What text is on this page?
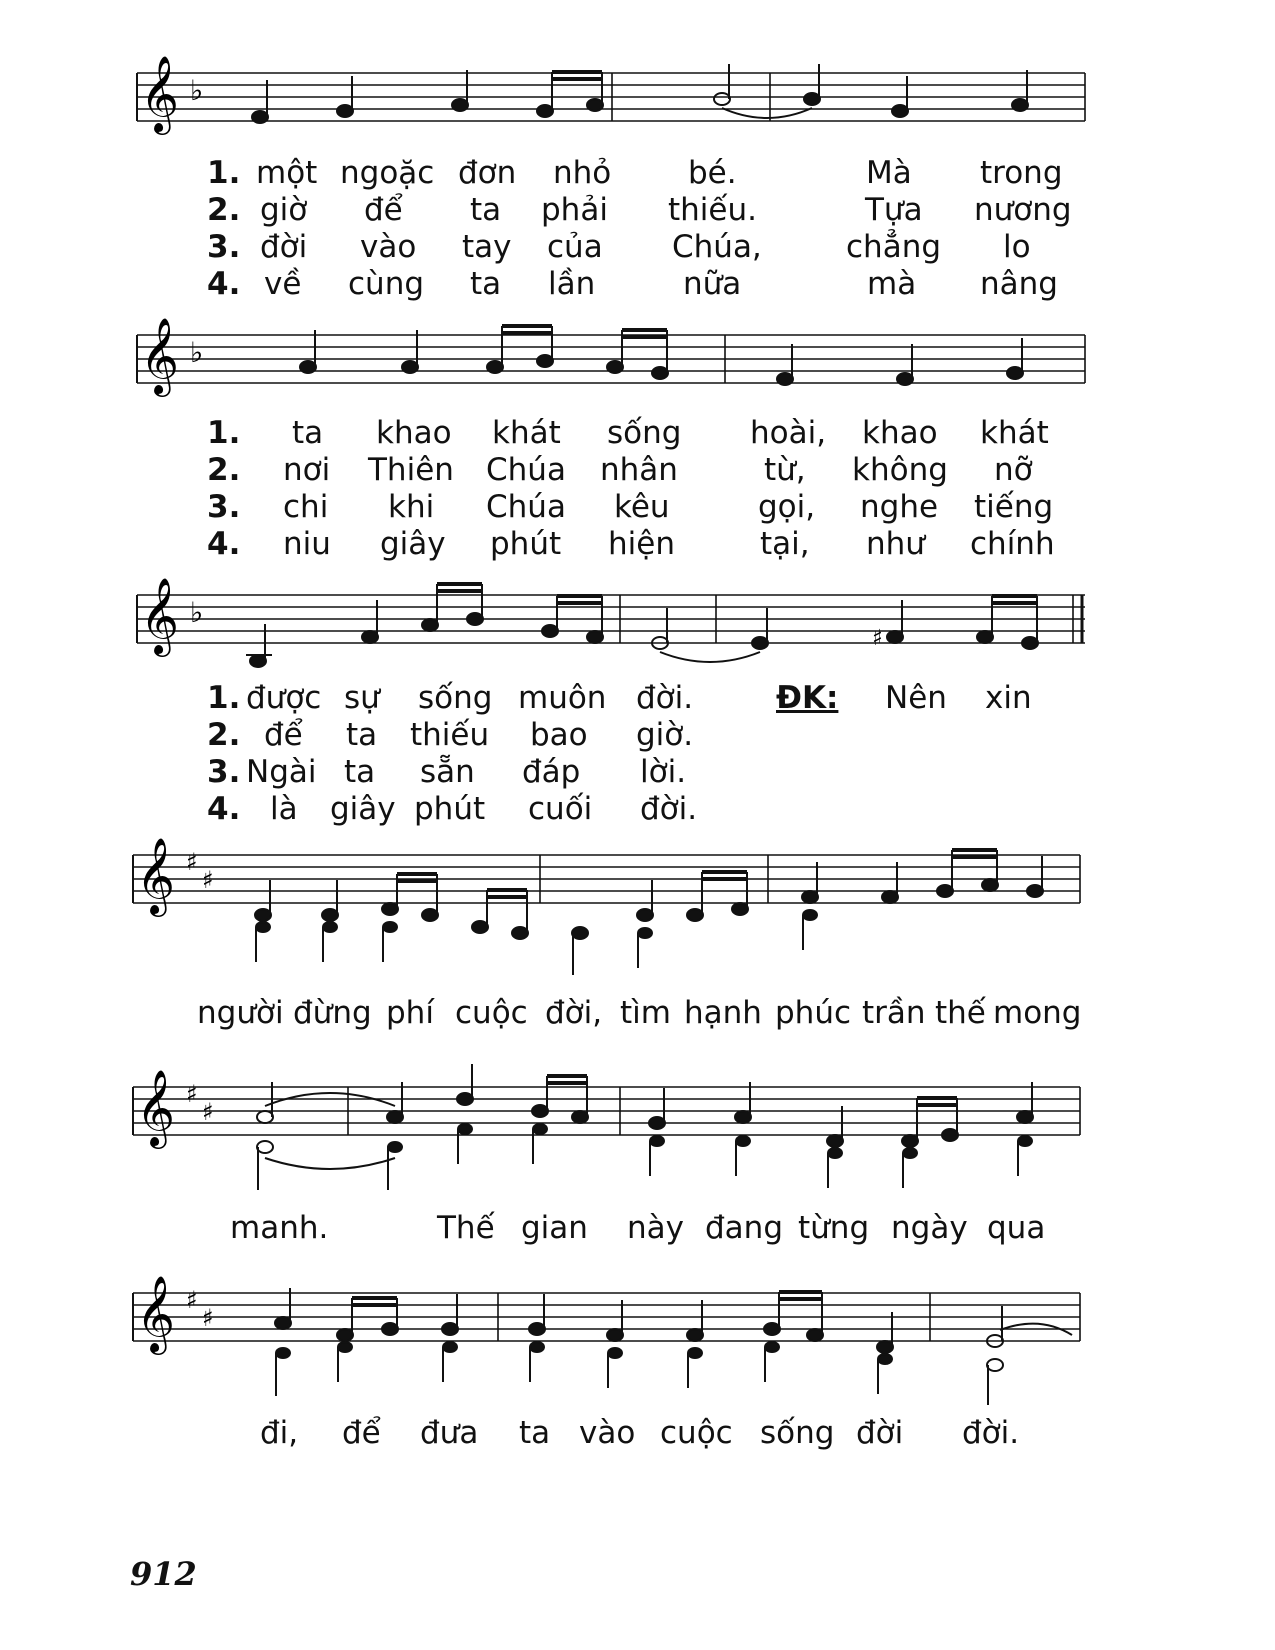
𝄞 ♭
1. một ngoặc đơn nhỏ bé.	Mà trong
2. giờ để ta phải thiếu.	Tựa nương
3. đời vào tay của Chúa,	chẳng lo
4. về cùng ta lần	nữa	mà nâng
𝄞 ♭
1. ta khao khát sống hoài, khao khát
2. nơi Thiên Chúa nhân	từ, không nỡ
3. chi khi Chúa kêu	gọi, nghe tiếng
4. niu giây phút hiện	tại, như chính
𝄞 ♭
♯
1. được sự sống muôn đời.	ĐK: Nên xin
2. để ta thiếu bao giờ.
3. Ngài ta sẵn đáp lời.
4. là giây phút cuối đời.
𝄞 ♯
♯
người đừng phí cuộc đời, tìm hạnh phúc trần thế mong
𝄞 ♯
♯
manh.	Thế gian này đang từng ngày qua
𝄞 ♯
♯
đi, để đưa ta vào cuộc sống đời đời.
912
